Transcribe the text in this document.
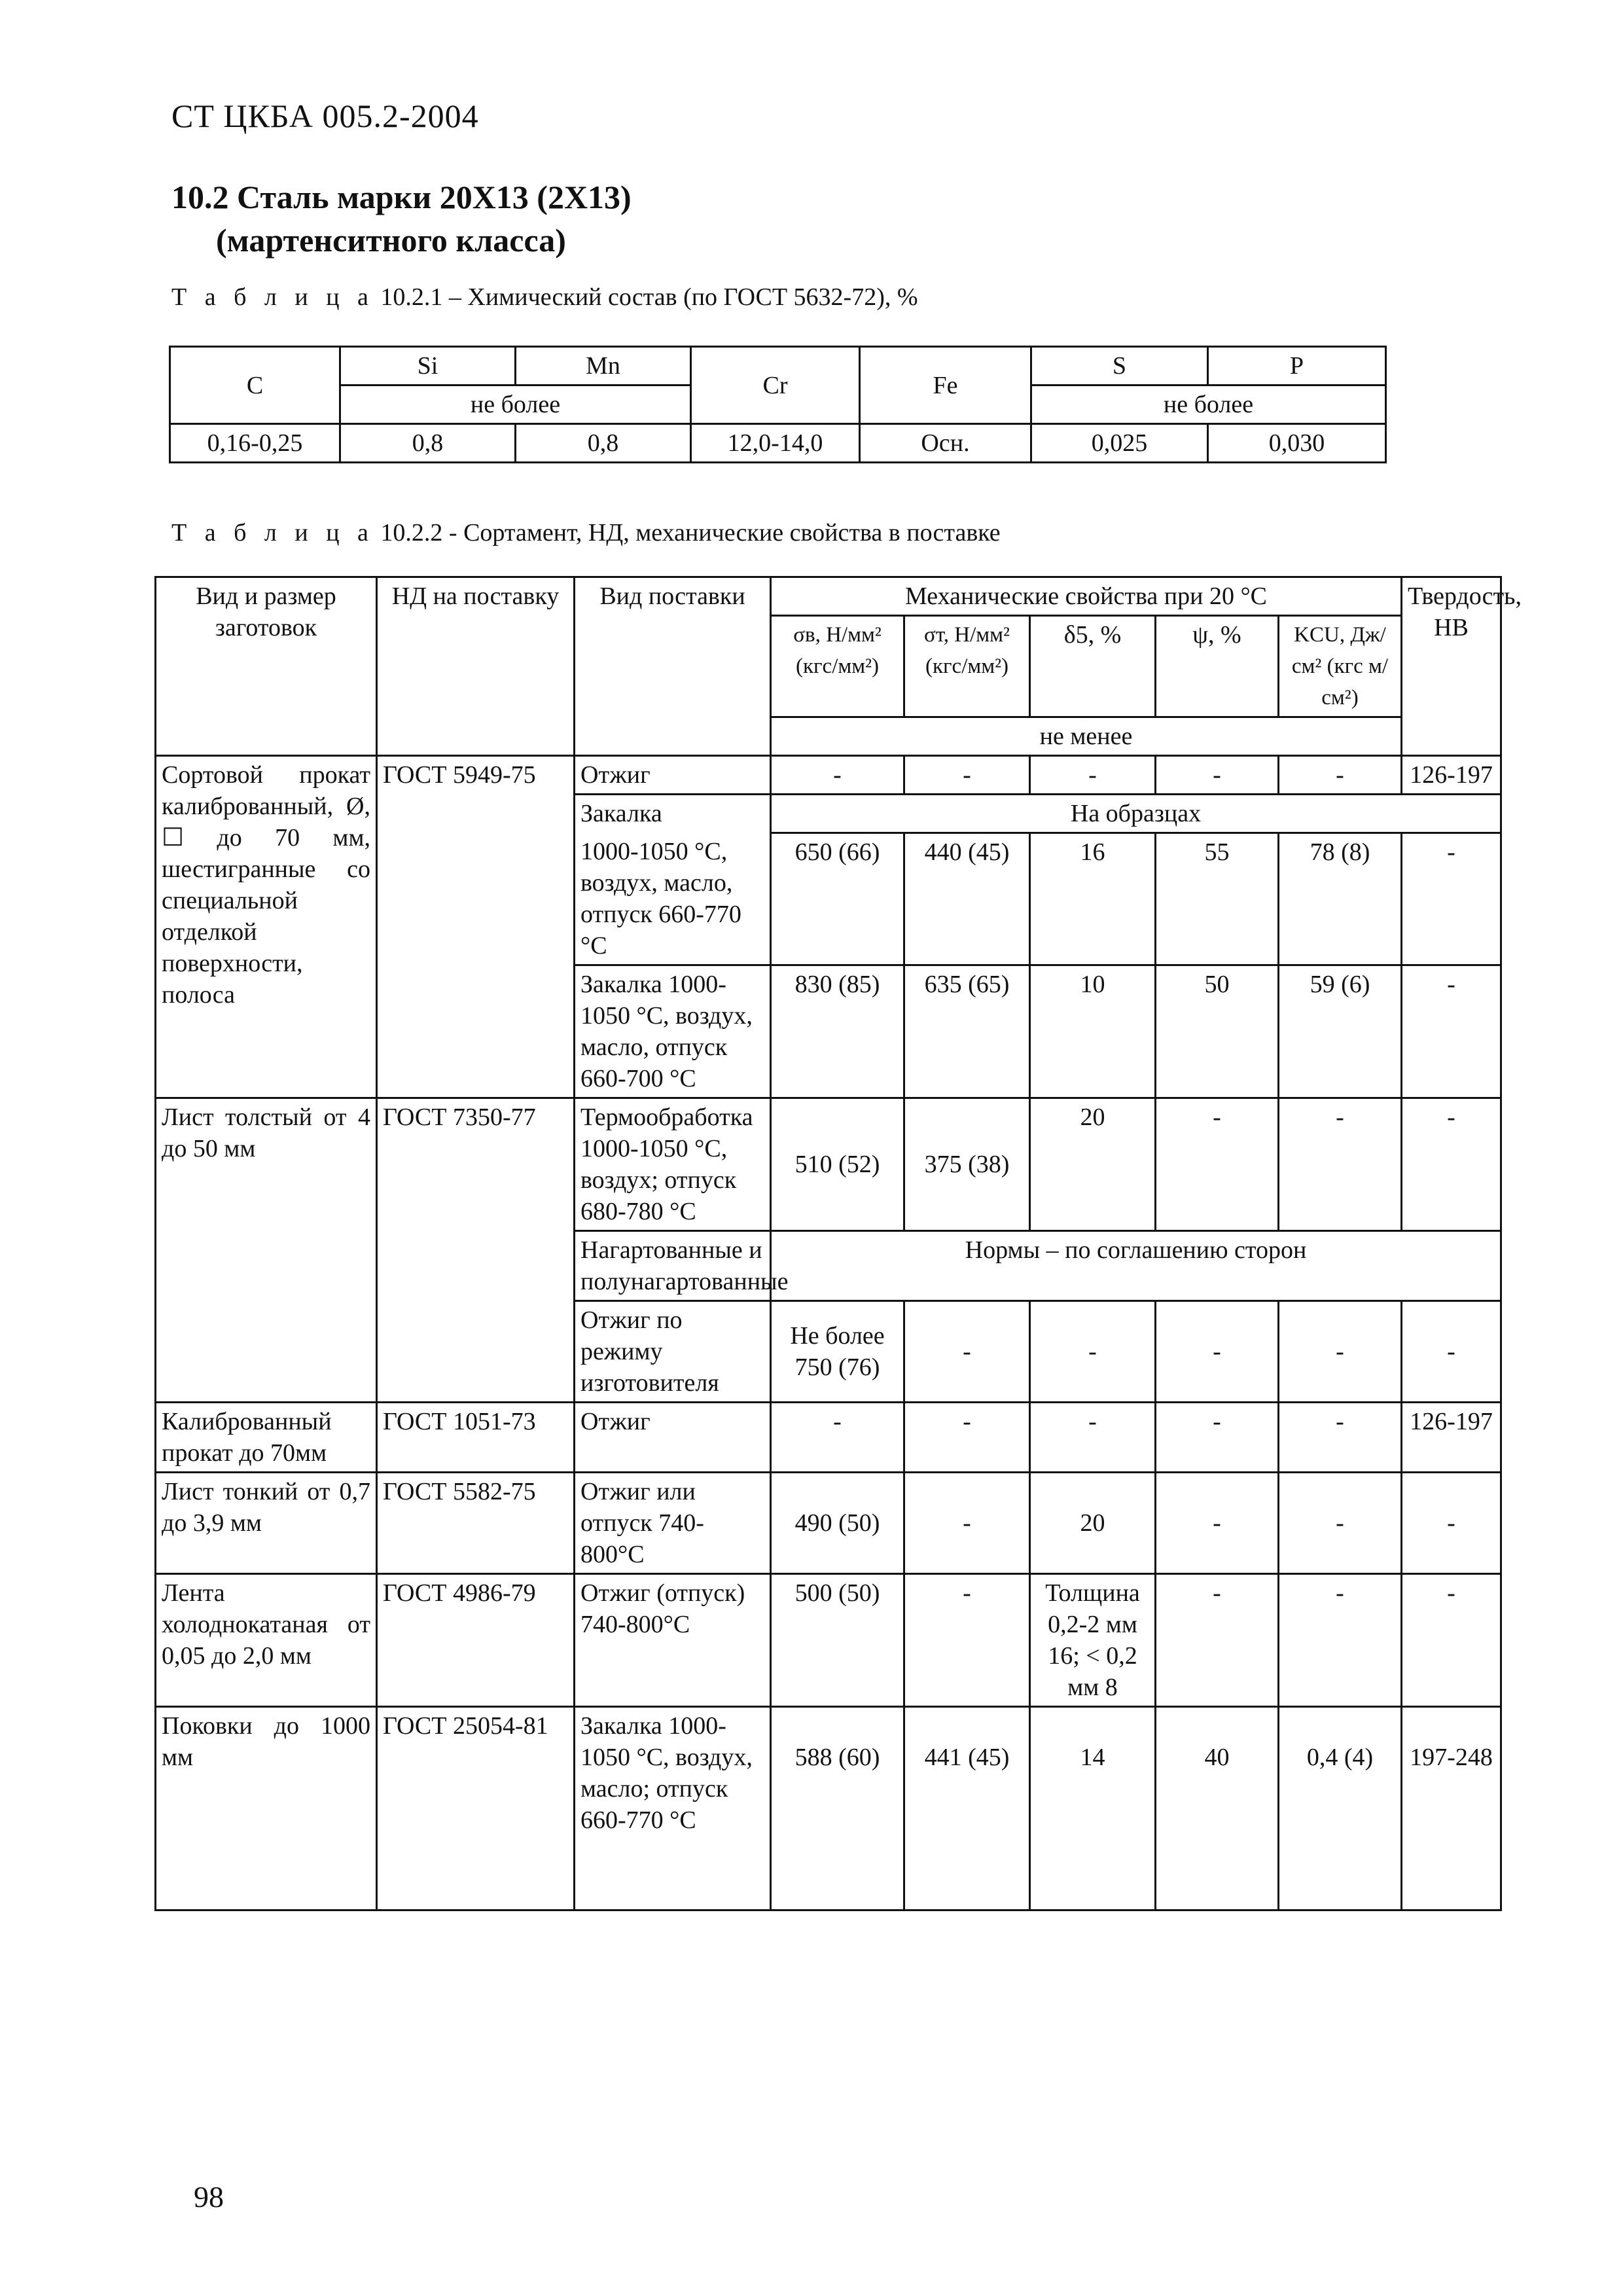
СТ ЦКБА 005.2-2004
10.2 Сталь марки 20Х13 (2Х13)
(мартенситного класса)
Т а б л и ц а 10.2.1 – Химический состав (по ГОСТ 5632-72), %
C	Si	Mn	Cr	Fe	S	P
	не более				не более	
0,16-0,25	0,8	0,8	12,0-14,0	Осн.	0,025	0,030
Т а б л и ц а 10.2.2 - Сортамент, НД, механические свойства в поставке
Вид и размер заготовок	НД на поставку	Вид поставки	Механические свойства при 20 °С					Твердость, НВ
			σв, Н/мм² (кгс/мм²)	σт, Н/мм² (кгс/мм²)	δ5, %	ψ, %	KCU, Дж/см² (кгс м/см²)	
			не менее					
Сортовой прокат калиброванный, Ø, ☐ до 70 мм, шестигранные со специальной отделкой поверхности, полоса	ГОСТ 5949-75	Отжиг	-	-	-	-	-	126-197
		Закалка	На образцах					
		1000-1050 °С, воздух, масло, отпуск 660-770 °С	650 (66)	440 (45)	16	55	78 (8)	-
		Закалка 1000-1050 °С, воздух, масло, отпуск 660-700 °С	830 (85)	635 (65)	10	50	59 (6)	-
Лист толстый от 4 до 50 мм	ГОСТ 7350-77	Термообработка 1000-1050 °С, воздух; отпуск 680-780 °С	510 (52)	375 (38)	20	-	-	-
		Нагартованные и полунагартованные	Нормы – по соглашению сторон					
		Отжиг по режиму изготовителя	Не более 750 (76)	-	-	-	-	-
Калиброванный прокат до 70мм	ГОСТ 1051-73	Отжиг	-	-	-	-	-	126-197
Лист тонкий от 0,7 до 3,9 мм	ГОСТ 5582-75	Отжиг или отпуск 740-800°С	490 (50)	-	20	-	-	-
Лента холоднокатаная от 0,05 до 2,0 мм	ГОСТ 4986-79	Отжиг (отпуск) 740-800°С	500 (50)	-	Толщина 0,2-2 мм 16; < 0,2 мм 8	-	-	-
Поковки до 1000 мм	ГОСТ 25054-81	Закалка 1000-1050 °С, воздух, масло; отпуск 660-770 °С	588 (60)	441 (45)	14	40	0,4 (4)	197-248
98
